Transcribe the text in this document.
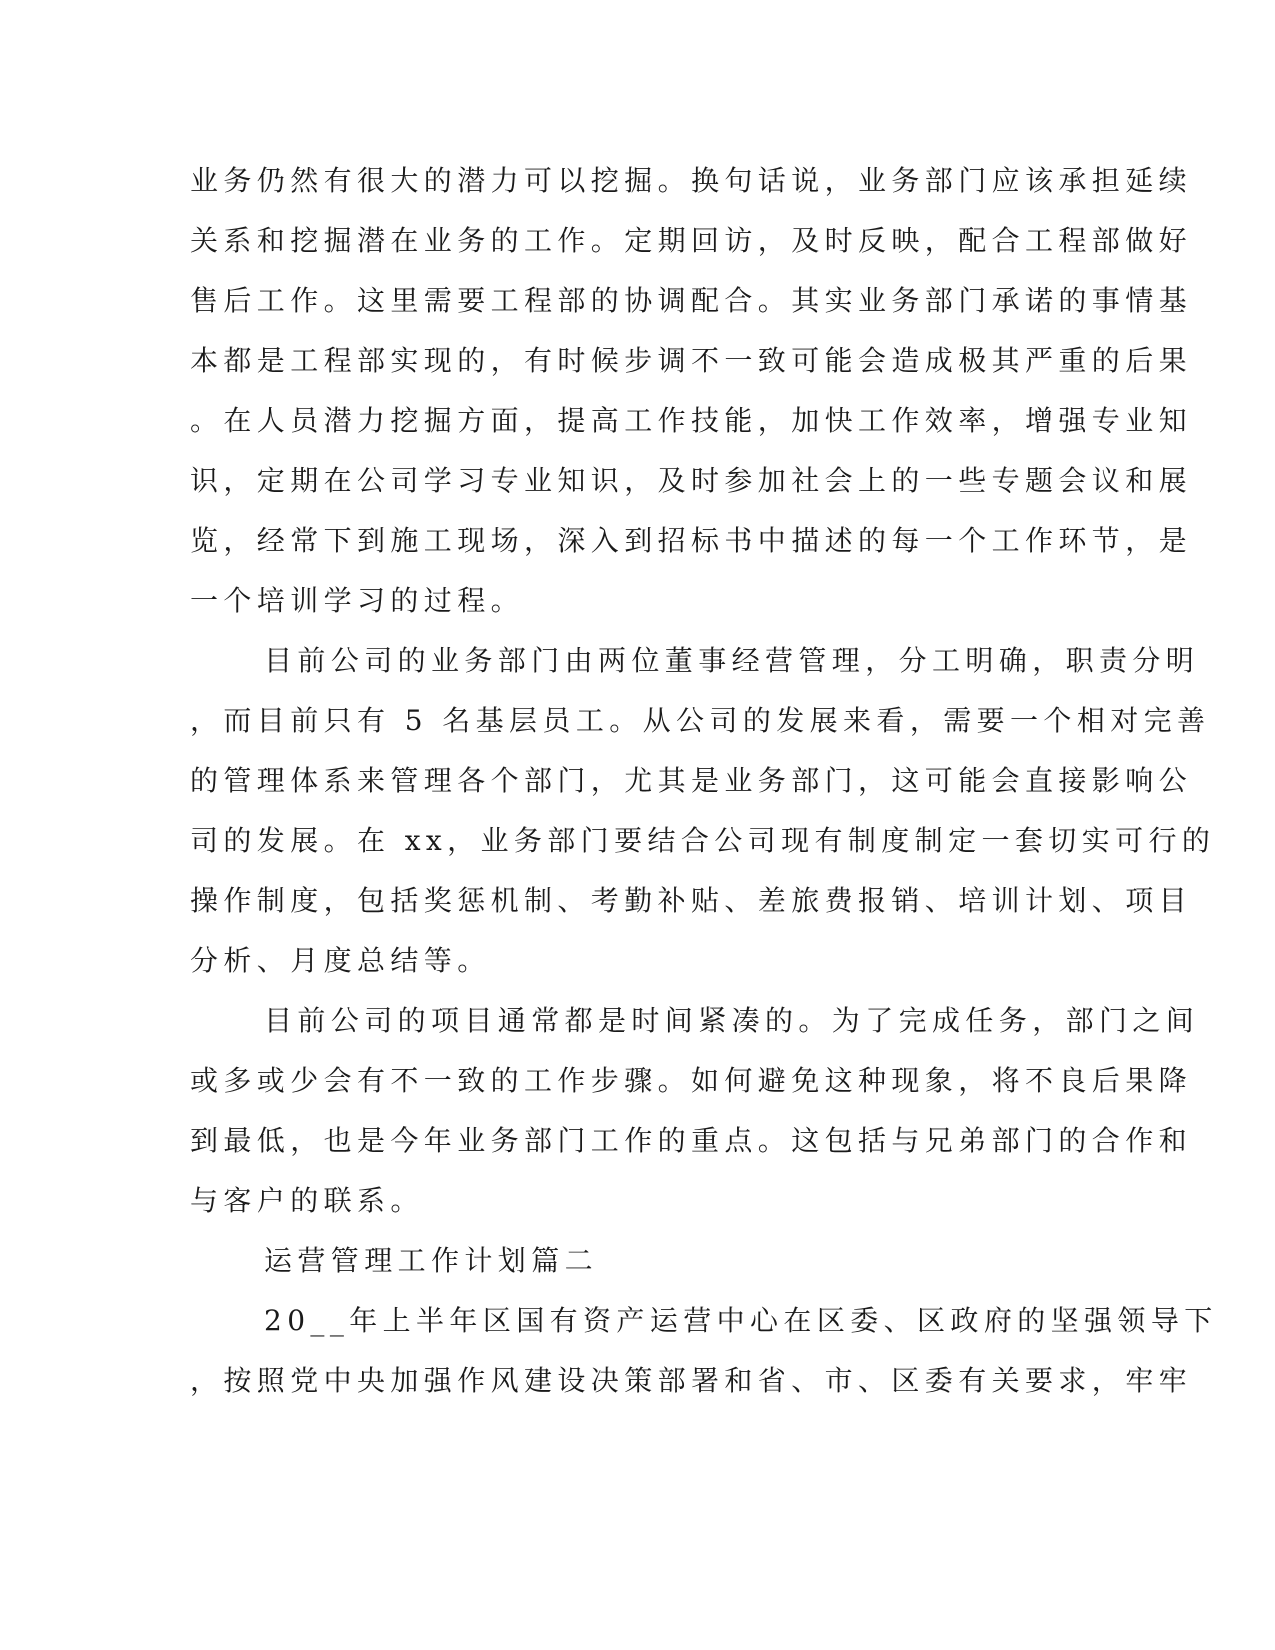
业务仍然有很大的潜力可以挖掘。换句话说，业务部门应该承担延续
关系和挖掘潜在业务的工作。定期回访，及时反映，配合工程部做好
售后工作。这里需要工程部的协调配合。其实业务部门承诺的事情基
本都是工程部实现的，有时候步调不一致可能会造成极其严重的后果
。在人员潜力挖掘方面，提高工作技能，加快工作效率，增强专业知
识，定期在公司学习专业知识，及时参加社会上的一些专题会议和展
览，经常下到施工现场，深入到招标书中描述的每一个工作环节，是
一个培训学习的过程。
目前公司的业务部门由两位董事经营管理，分工明确，职责分明
，而目前只有 5 名基层员工。从公司的发展来看，需要一个相对完善
的管理体系来管理各个部门，尤其是业务部门，这可能会直接影响公
司的发展。在 xx，业务部门要结合公司现有制度制定一套切实可行的
操作制度，包括奖惩机制、考勤补贴、差旅费报销、培训计划、项目
分析、月度总结等。
目前公司的项目通常都是时间紧凑的。为了完成任务，部门之间
或多或少会有不一致的工作步骤。如何避免这种现象，将不良后果降
到最低，也是今年业务部门工作的重点。这包括与兄弟部门的合作和
与客户的联系。
运营管理工作计划篇二
20__年上半年区国有资产运营中心在区委、区政府的坚强领导下
，按照党中央加强作风建设决策部署和省、市、区委有关要求，牢牢
